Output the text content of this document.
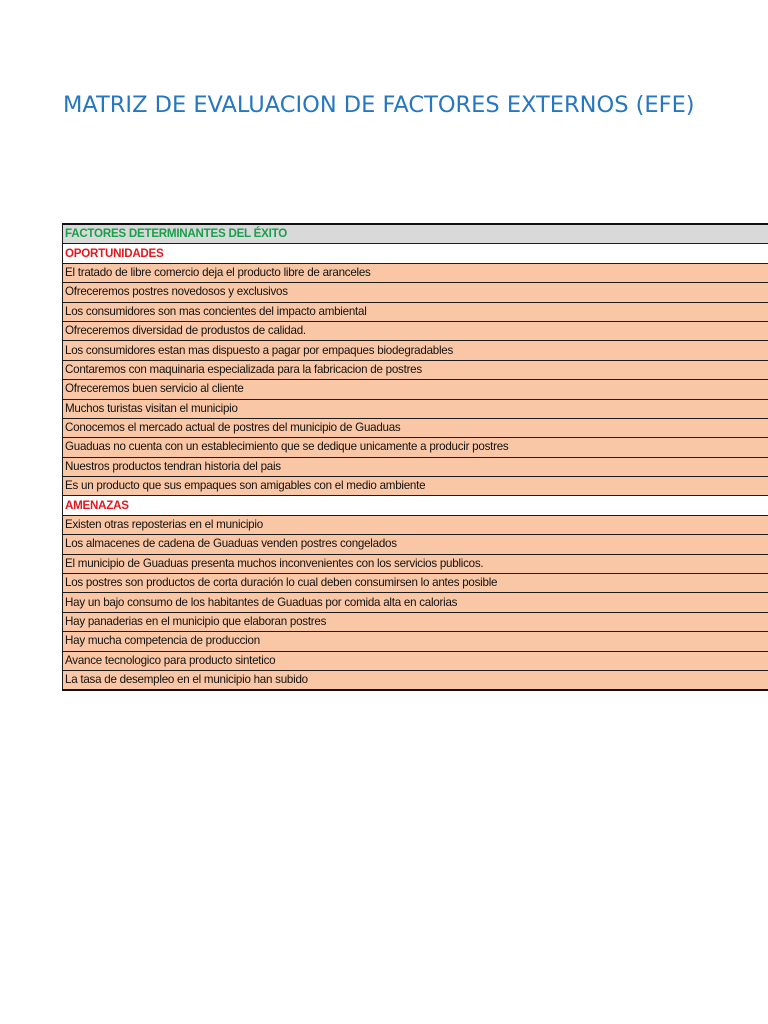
MATRIZ DE EVALUACION DE FACTORES EXTERNOS (EFE)
FACTORES DETERMINANTES DEL ÉXITO
OPORTUNIDADES
El tratado de libre comercio deja el producto libre de aranceles
Ofreceremos postres novedosos y exclusivos
Los consumidores son mas concientes del impacto ambiental
Ofreceremos diversidad de produstos de calidad.
Los consumidores estan mas dispuesto a pagar por empaques biodegradables
Contaremos con maquinaria especializada para la fabricacion de postres
Ofreceremos buen servicio al cliente
Muchos turistas visitan el municipio
Conocemos el mercado actual de postres del municipio de Guaduas
Guaduas no cuenta con un establecimiento que se dedique unicamente a producir postres
Nuestros productos tendran historia del pais
Es un producto que sus empaques son amigables con el medio ambiente
AMENAZAS
Existen otras reposterias en el municipio
Los almacenes de cadena de Guaduas venden postres congelados
El municipio de Guaduas presenta muchos inconvenientes con los servicios publicos.
Los postres son productos de corta duración lo cual deben consumirsen lo antes posible
Hay un bajo consumo de los habitantes de Guaduas por comida alta en calorias
Hay panaderias en el municipio que elaboran postres
Hay mucha competencia de produccion
Avance tecnologico para producto sintetico
La tasa de desempleo en el municipio han subido
